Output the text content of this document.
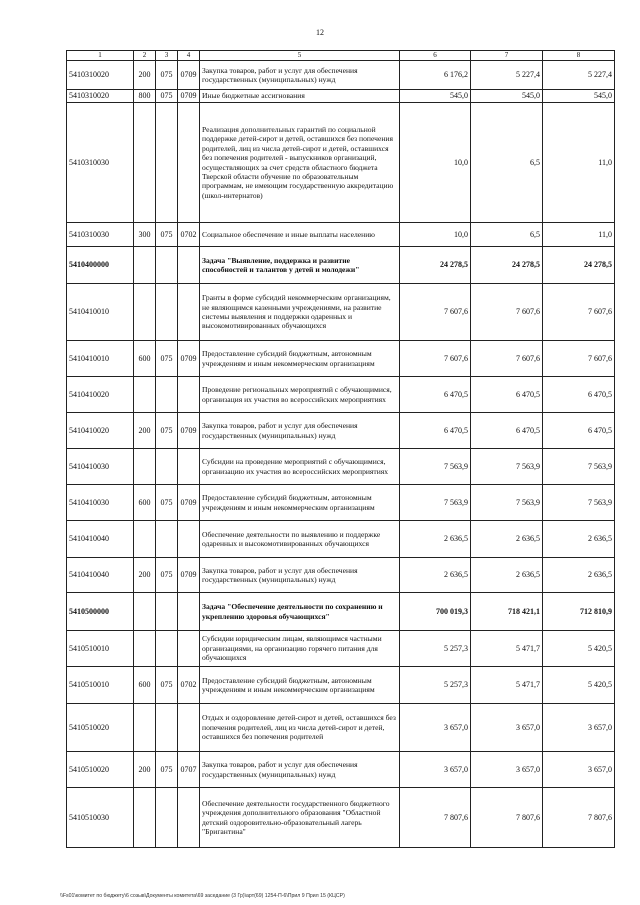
12
1	2	3	4	5	6	7	8
5410310020	200	075	0709	Закупка товаров, работ и услуг для обеспечения государственных (муниципальных) нужд	6 176,2	5 227,4	5 227,4
5410310020	800	075	0709	Иные бюджетные ассигнования	545,0	545,0	545,0
5410310030				Реализация дополнительных гарантий по социальной поддержке детей-сирот и детей, оставшихся без попечения родителей, лиц из числа детей-сирот и детей, оставшихся без попечения родителей - выпускников организаций, осуществляющих за счет средств областного бюджета Тверской области обучение по образовательным программам, не имеющим государственную аккредитацию (школ-интернатов)	10,0	6,5	11,0
5410310030	300	075	0702	Социальное обеспечение и иные выплаты населению	10,0	6,5	11,0
5410400000				Задача "Выявление, поддержка и развитие способностей и талантов у детей и молодежи"	24 278,5	24 278,5	24 278,5
5410410010				Гранты в форме субсидий некоммерческим организациям, не являющимся казенными учреждениями, на развитие системы выявления и поддержки одаренных и высокомотивированных обучающихся	7 607,6	7 607,6	7 607,6
5410410010	600	075	0709	Предоставление субсидий бюджетным, автономным учреждениям и иным некоммерческим организациям	7 607,6	7 607,6	7 607,6
5410410020				Проведение региональных мероприятий с обучающимися, организация их участия во всероссийских мероприятиях	6 470,5	6 470,5	6 470,5
5410410020	200	075	0709	Закупка товаров, работ и услуг для обеспечения государственных (муниципальных) нужд	6 470,5	6 470,5	6 470,5
5410410030				Субсидии на проведение мероприятий с обучающимися, организацию их участия во всероссийских мероприятиях	7 563,9	7 563,9	7 563,9
5410410030	600	075	0709	Предоставление субсидий бюджетным, автономным учреждениям и иным некоммерческим организациям	7 563,9	7 563,9	7 563,9
5410410040				Обеспечение деятельности по выявлению и поддержке одаренных и высокомотивированных обучающихся	2 636,5	2 636,5	2 636,5
5410410040	200	075	0709	Закупка товаров, работ и услуг для обеспечения государственных (муниципальных) нужд	2 636,5	2 636,5	2 636,5
5410500000				Задача "Обеспечение деятельности по сохранению и укреплению здоровья обучающихся"	700 019,3	718 421,1	712 810,9
5410510010				Субсидии юридическим лицам, являющимся частными организациями, на организацию горячего питания для обучающихся	5 257,3	5 471,7	5 420,5
5410510010	600	075	0702	Предоставление субсидий бюджетным, автономным учреждениям и иным некоммерческим организациям	5 257,3	5 471,7	5 420,5
5410510020				Отдых и оздоровление детей-сирот и детей, оставшихся без попечения родителей, лиц из числа детей-сирот и детей, оставшихся без попечения родителей	3 657,0	3 657,0	3 657,0
5410510020	200	075	0707	Закупка товаров, работ и услуг для обеспечения государственных (муниципальных) нужд	3 657,0	3 657,0	3 657,0
5410510030				Обеспечение деятельности государственного бюджетного учреждения дополнительного образования "Областной детский оздоровительно-образовательный лагерь "Бригантина"	7 807,6	7 807,6	7 807,6
\\Fs01\комитет по бюджету\6 созыв\Документы комитета\69 заседание (3 Гр)\арт(69) 1254-П-6\Прил 9 Прил 15 (КЦСР)
